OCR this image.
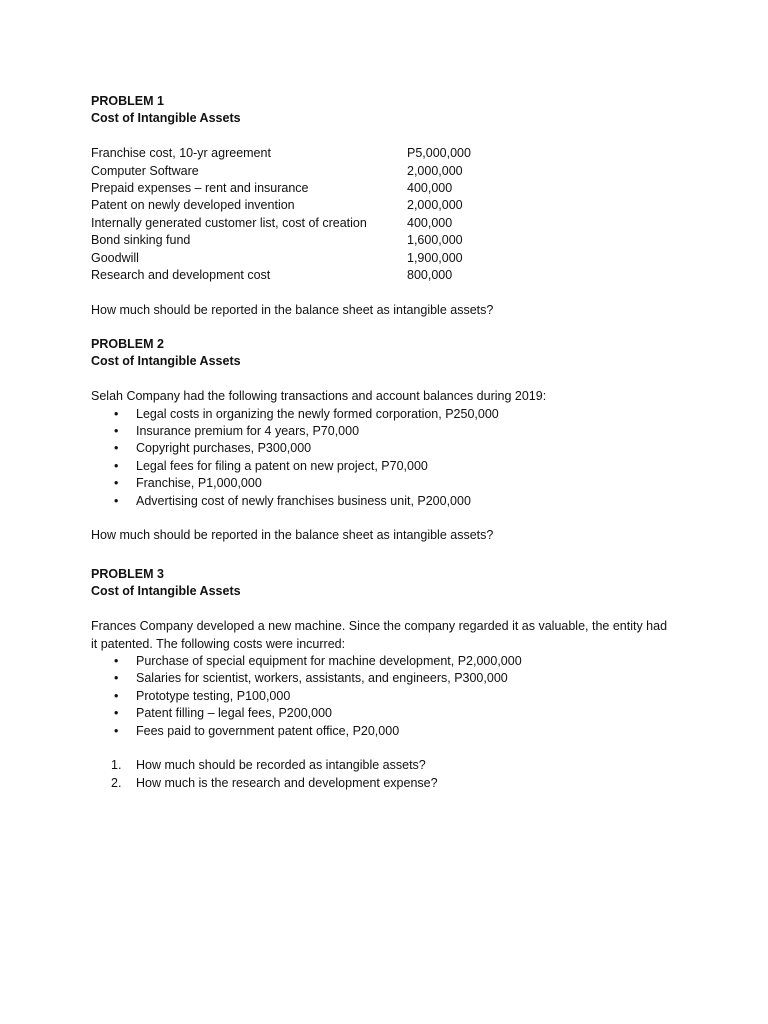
PROBLEM 1

Cost of Intangible Assets

Franchise cost, 10-yr agreement	P5,000,000
Computer Software	2,000,000
Prepaid expenses – rent and insurance	400,000
Patent on newly developed invention	2,000,000
Internally generated customer list, cost of creation	400,000
Bond sinking fund	1,600,000
Goodwill	1,900,000
Research and development cost	800,000

How much should be reported in the balance sheet as intangible assets?

PROBLEM 2

Cost of Intangible Assets

Selah Company had the following transactions and account balances during 2019:

• Legal costs in organizing the newly formed corporation, P250,000
• Insurance premium for 4 years, P70,000
• Copyright purchases, P300,000
• Legal fees for filing a patent on new project, P70,000
• Franchise, P1,000,000
• Advertising cost of newly franchises business unit, P200,000

How much should be reported in the balance sheet as intangible assets?

PROBLEM 3

Cost of Intangible Assets

Frances Company developed a new machine. Since the company regarded it as valuable, the entity had

it patented. The following costs were incurred:

• Purchase of special equipment for machine development, P2,000,000
• Salaries for scientist, workers, assistants, and engineers, P300,000
• Prototype testing, P100,000
• Patent filling – legal fees, P200,000
• Fees paid to government patent office, P20,000
1. How much should be recorded as intangible assets?
2. How much is the research and development expense?
